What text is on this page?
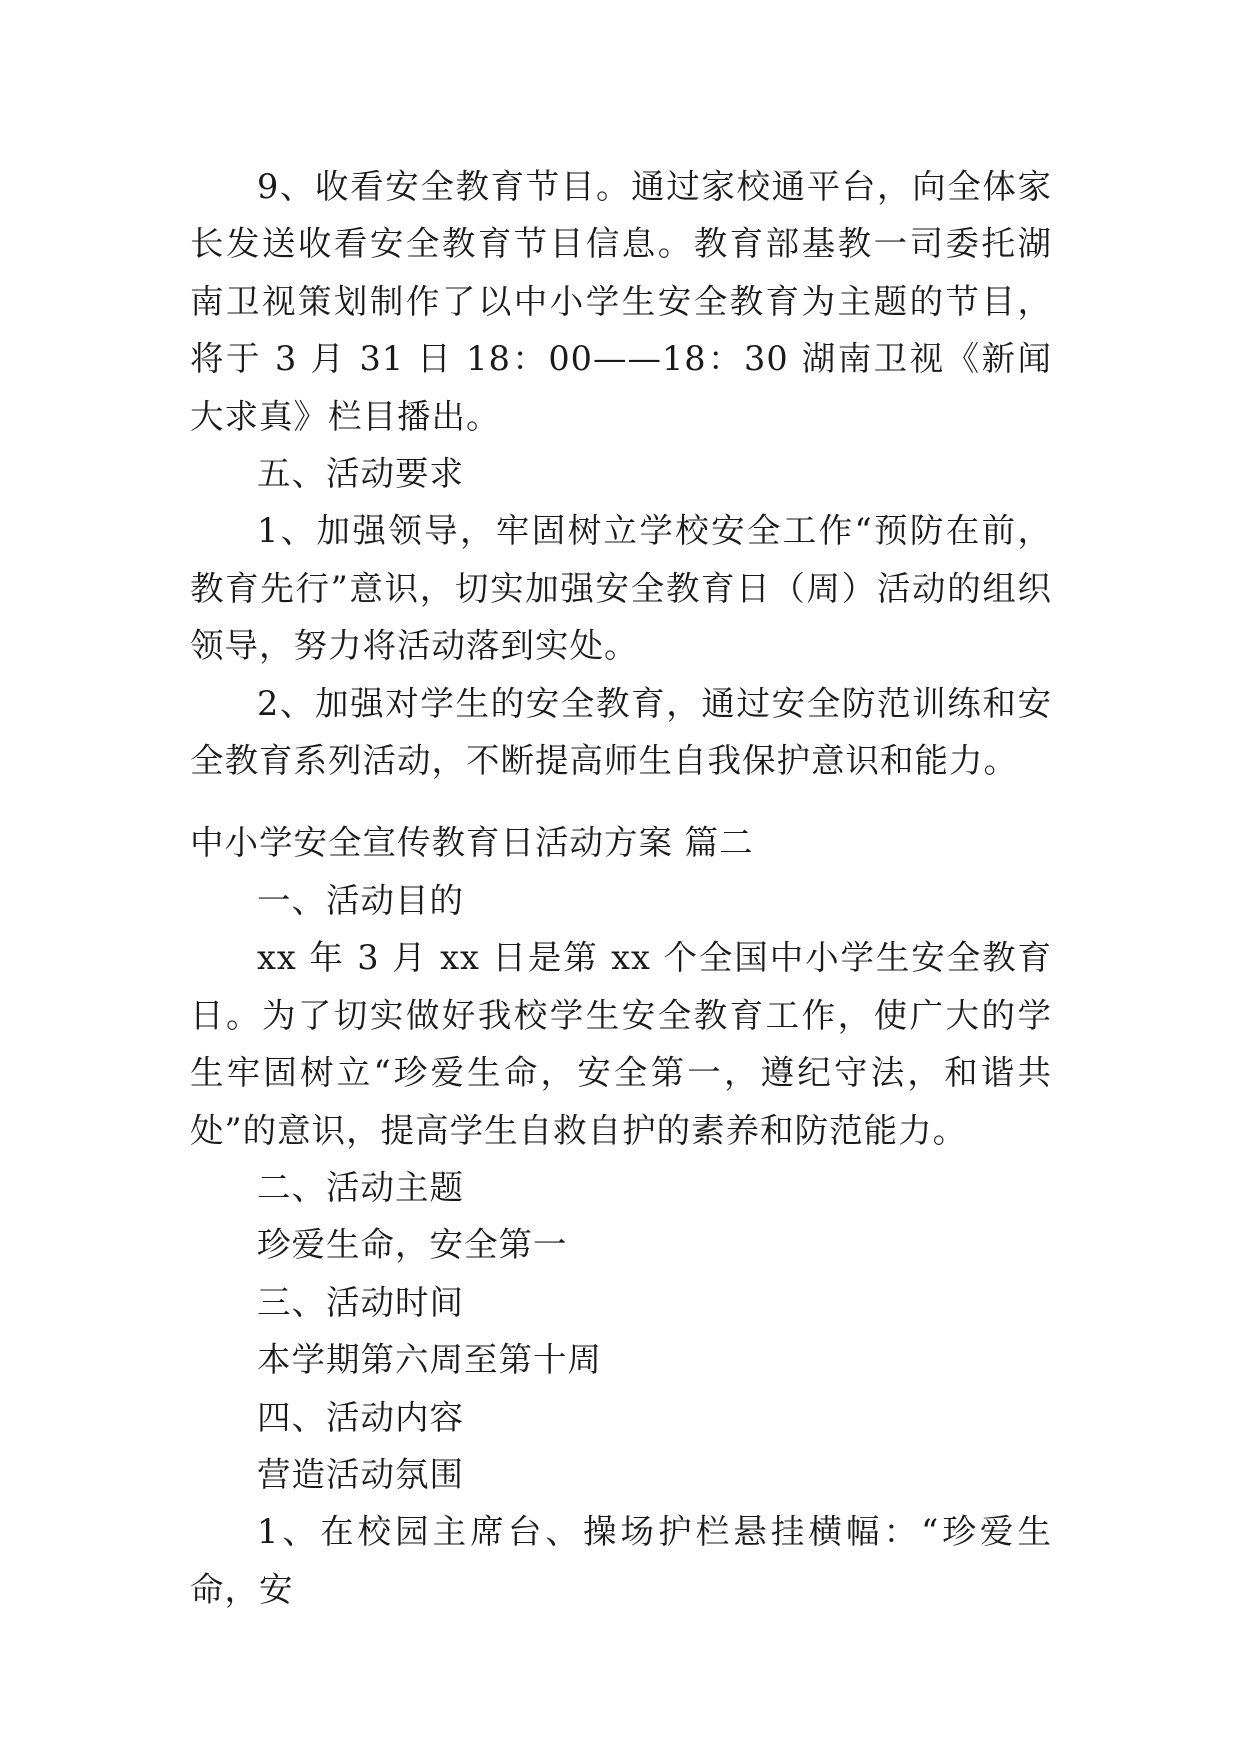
9、收看安全教育节目。通过家校通平台，向全体家长发送收看安全教育节目信息。教育部基教一司委托湖南卫视策划制作了以中小学生安全教育为主题的节目，将于 3 月 31 日 18：00——18：30 湖南卫视《新闻大求真》栏目播出。

五、活动要求

1、加强领导，牢固树立学校安全工作“预防在前，教育先行”意识，切实加强安全教育日（周）活动的组织领导，努力将活动落到实处。

2、加强对学生的安全教育，通过安全防范训练和安全教育系列活动，不断提高师生自我保护意识和能力。

中小学安全宣传教育日活动方案 篇二

一、活动目的

xx 年 3 月 xx 日是第 xx 个全国中小学生安全教育日。为了切实做好我校学生安全教育工作，使广大的学生牢固树立“珍爱生命，安全第一，遵纪守法，和谐共处”的意识，提高学生自救自护的素养和防范能力。

二、活动主题

珍爱生命，安全第一

三、活动时间

本学期第六周至第十周

四、活动内容

营造活动氛围

1、在校园主席台、操场护栏悬挂横幅：“珍爱生命，安
